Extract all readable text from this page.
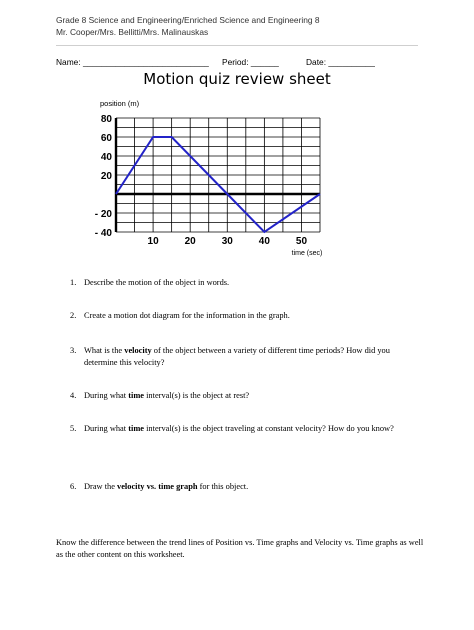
Grade 8 Science and Engineering/Enriched Science and Engineering 8
Mr. Cooper/Mrs. Bellitti/Mrs. Malinauskas
Name: ___________________________ Period: ______	Date: __________
Motion quiz review sheet
80
60
40
20
- 20
- 40
10	20	30	40	50
position (m)
time (sec)
1. Describe the motion of the object in words.
2. Create a motion dot diagram for the information in the graph.
3. What is the velocity of the object between a variety of different time periods? How did you determine this velocity?
4. During what time interval(s) is the object at rest?
5. During what time interval(s) is the object traveling at constant velocity? How do you know?
6. Draw the velocity vs. time graph for this object.
Know the difference between the trend lines of Position vs. Time graphs and Velocity vs. Time graphs as well as the other content on this worksheet.
